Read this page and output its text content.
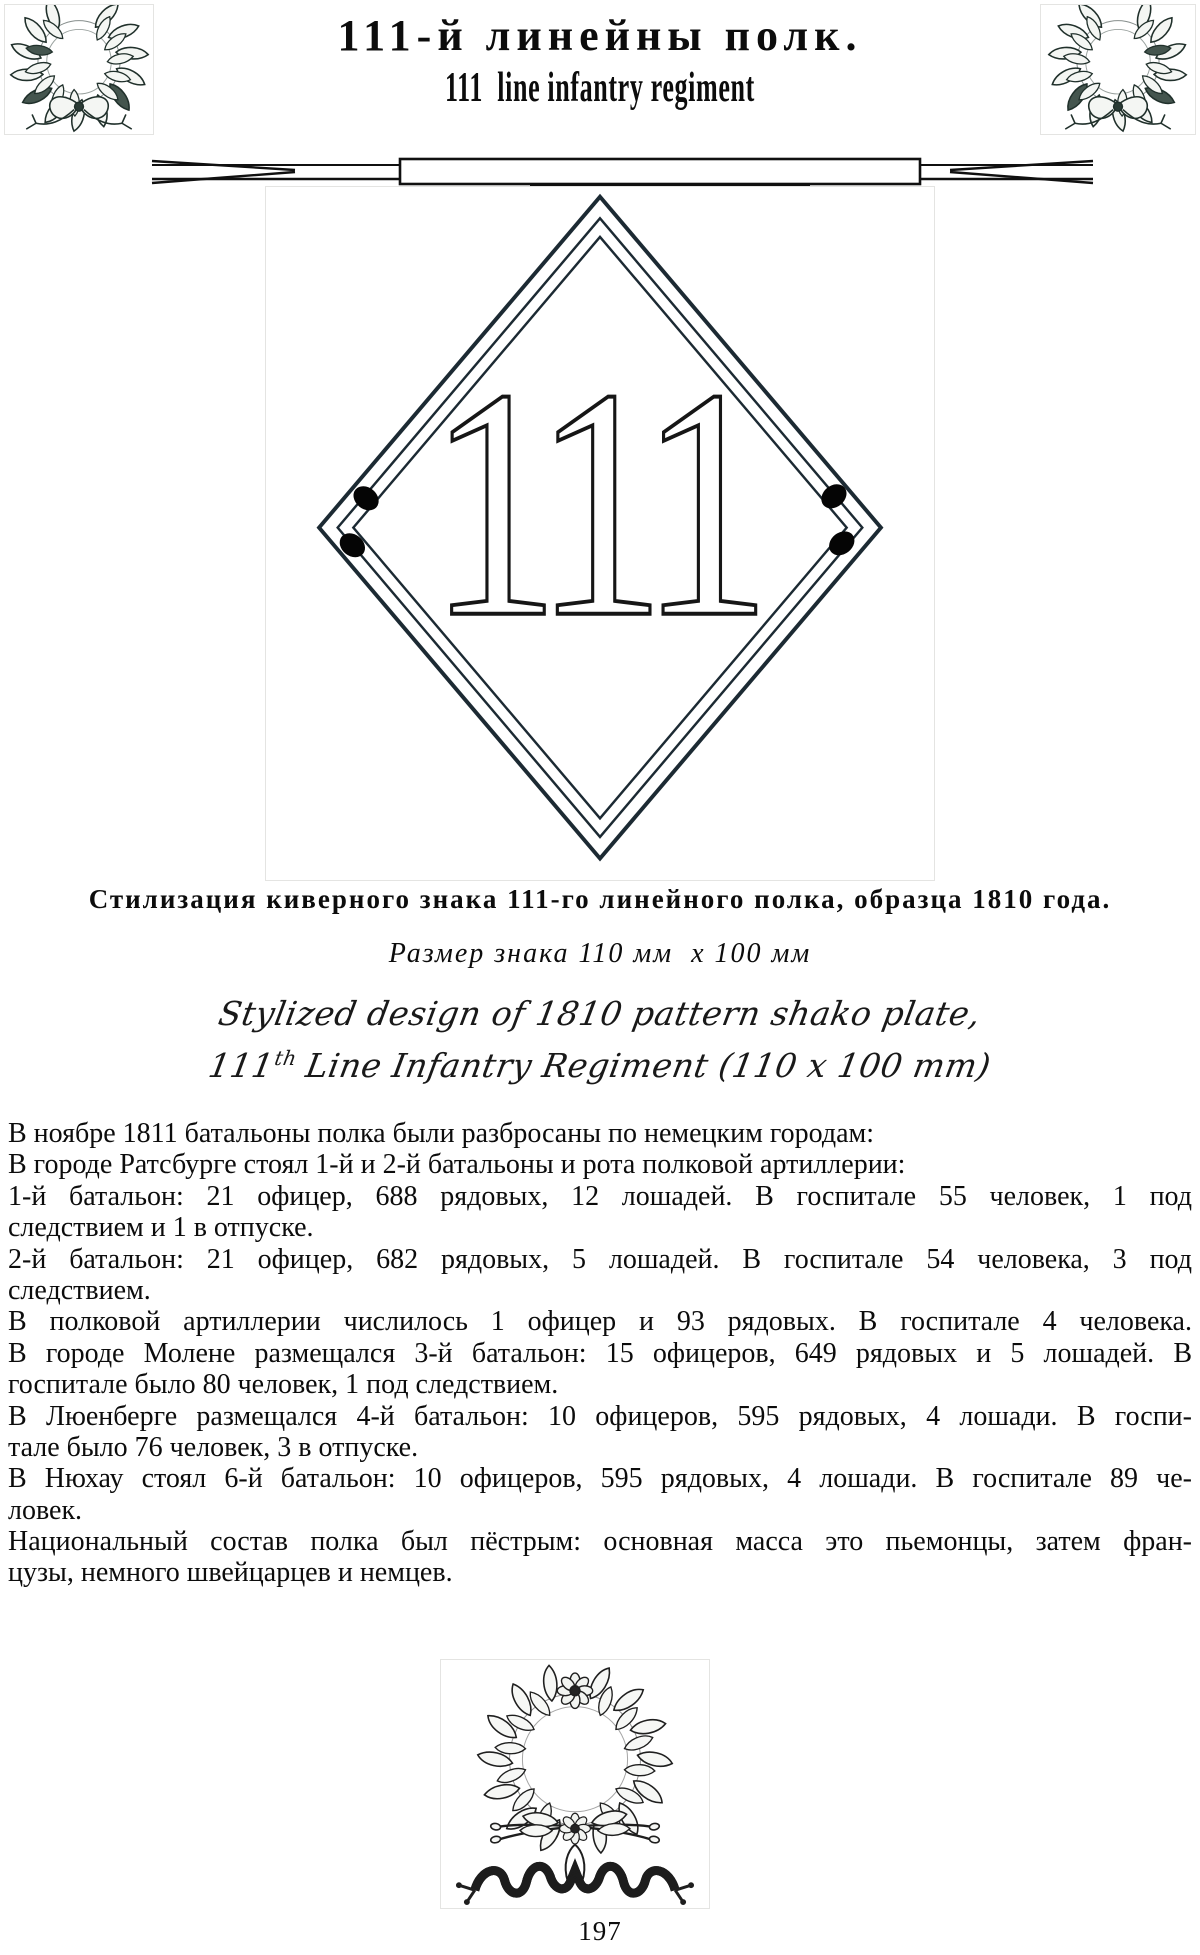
111-й линейны полк.
111  line infantry regiment
1
1
1
Стилизация киверного знака 111-го линейного полка, образца 1810 года.
Размер знака 110 мм  х 100 мм
Stylized design of 1810 pattern shako plate,
111th Line Infantry Regiment (110 x 100 mm)
В ноябре 1811 батальоны полка были разбросаны по немецким городам:
В городе Ратсбурге стоял 1-й и 2-й батальоны и рота полковой артиллерии:
1-й батальон: 21 офицер, 688 рядовых, 12 лошадей. В госпитале 55 человек, 1 под
следствием и 1 в отпуске.
2-й батальон: 21 офицер, 682 рядовых, 5 лошадей. В госпитале 54 человека, 3 под
следствием.
В полковой артиллерии числилось 1 офицер и 93 рядовых. В госпитале 4 человека.
В городе Молене размещался 3-й батальон: 15 офицеров, 649 рядовых и 5 лошадей. В
госпитале было 80 человек, 1 под следствием.
В Люенберге размещался 4-й батальон: 10 офицеров, 595 рядовых, 4 лошади. В госпи-
тале было 76 человек, 3 в отпуске.
В Нюхау стоял 6-й батальон: 10 офицеров, 595 рядовых, 4 лошади. В госпитале 89 че-
ловек.
Национальный состав полка был пёстрым: основная масса это пьемонцы, затем фран-
цузы, немного швейцарцев и немцев.
197
